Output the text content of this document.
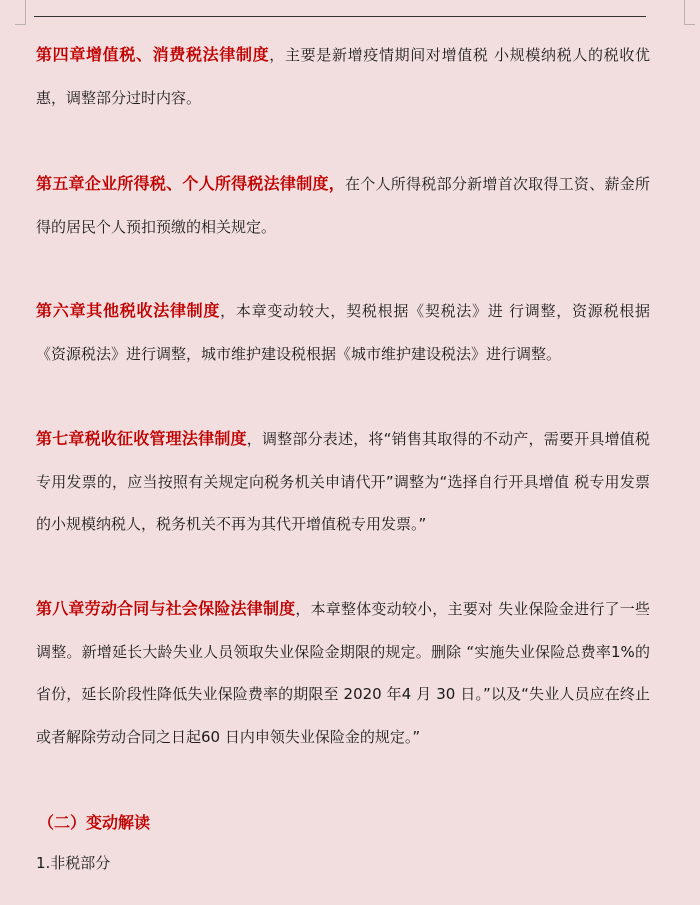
第四章增值税、消费税法律制度，主要是新增疫情期间对增值税 小规模纳税人的税收优惠，调整部分过时内容。

第五章企业所得税、个人所得税法律制度，在个人所得税部分新增首次取得工资、薪金所得的居民个人预扣预缴的相关规定。

第六章其他税收法律制度，本章变动较大，契税根据《契税法》进 行调整，资源税根据《资源税法》进行调整，城市维护建设税根据《城市维护建设税法》进行调整。

第七章税收征收管理法律制度，调整部分表述，将“销售其取得的不动产，需要开具增值税专用发票的，应当按照有关规定向税务机关申请代开”调整为“选择自行开具增值 税专用发票的小规模纳税人，税务机关不再为其代开增值税专用发票。”

第八章劳动合同与社会保险法律制度，本章整体变动较小，主要对 失业保险金进行了一些调整。新增延长大龄失业人员领取失业保险金期限的规定。删除 “实施失业保险总费率1%的省份，延长阶段性降低失业保险费率的期限至 2020 年4 月 30 日。”以及“失业人员应在终止或者解除劳动合同之日起60 日内申领失业保险金的规定。”

（二）变动解读

1.非税部分
